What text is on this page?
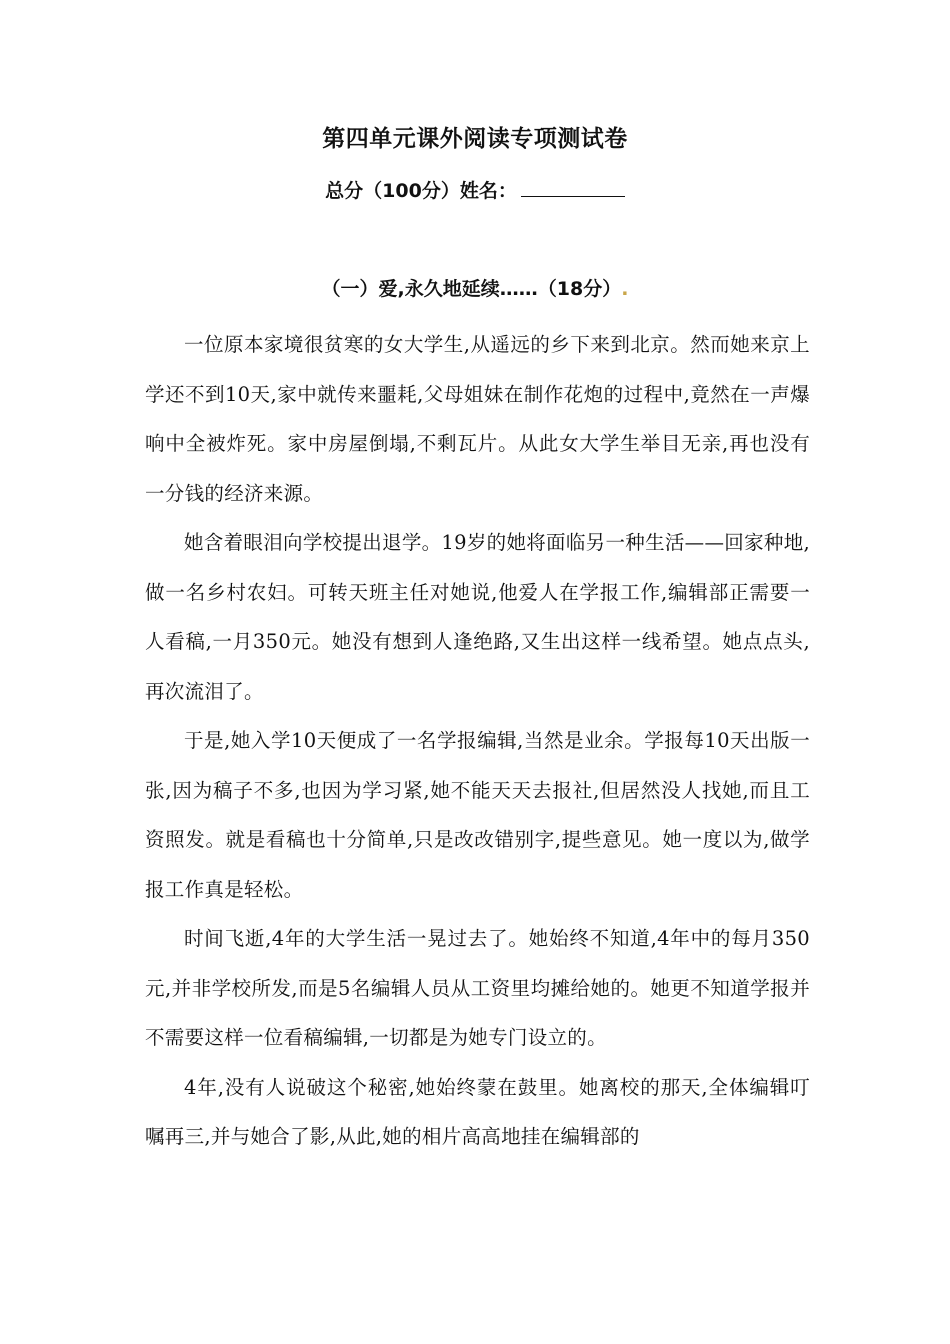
第四单元课外阅读专项测试卷
总分（100分）姓名：
（一）爱,永久地延续……（18分）.

一位原本家境很贫寒的女大学生,从遥远的乡下来到北京。然而她来京上学还不到10天,家中就传来噩耗,父母姐妹在制作花炮的过程中,竟然在一声爆响中全被炸死。家中房屋倒塌,不剩瓦片。从此女大学生举目无亲,再也没有一分钱的经济来源。

她含着眼泪向学校提出退学。19岁的她将面临另一种生活——回家种地,做一名乡村农妇。可转天班主任对她说,他爱人在学报工作,编辑部正需要一人看稿,一月350元。她没有想到人逢绝路,又生出这样一线希望。她点点头,再次流泪了。

于是,她入学10天便成了一名学报编辑,当然是业余。学报每10天出版一张,因为稿子不多,也因为学习紧,她不能天天去报社,但居然没人找她,而且工资照发。就是看稿也十分简单,只是改改错别字,提些意见。她一度以为,做学报工作真是轻松。

时间飞逝,4年的大学生活一晃过去了。她始终不知道,4年中的每月350元,并非学校所发,而是5名编辑人员从工资里均摊给她的。她更不知道学报并不需要这样一位看稿编辑,一切都是为她专门设立的。

4年,没有人说破这个秘密,她始终蒙在鼓里。她离校的那天,全体编辑叮嘱再三,并与她合了影,从此,她的相片高高地挂在编辑部的
